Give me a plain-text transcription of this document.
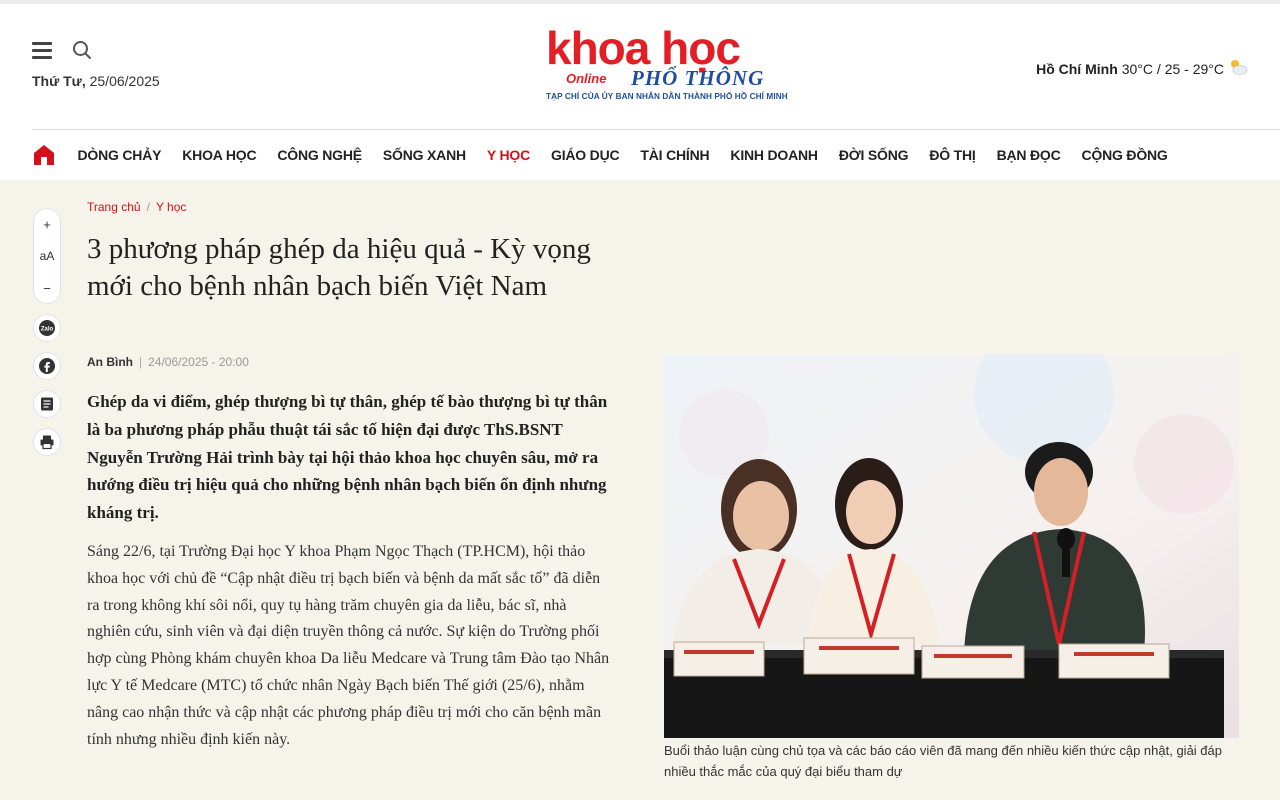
Thứ Tư, 25/06/2025
khoa học
Online PHỔ THÔNG
TẠP CHÍ CỦA ỦY BAN NHÂN DÂN THÀNH PHỐ HỒ CHÍ MINH
Hồ Chí Minh 30°C / 25 - 29°C
DÒNG CHẢY	KHOA HỌC	CÔNG NGHỆ	SỐNG XANH	Y HỌC	GIÁO DỤC	TÀI CHÍNH	KINH DOANH	ĐỜI SỐNG	ĐÔ THỊ	BẠN ĐỌC	CỘNG ĐỒNG
+
aA
−
Zalo
Trang chủ / Y học
3 phương pháp ghép da hiệu quả - Kỳ vọng mới cho bệnh nhân bạch biến Việt Nam
An Bình | 24/06/2025 - 20:00

Ghép da vi điểm, ghép thượng bì tự thân, ghép tế bào thượng bì tự thân là ba phương pháp phẫu thuật tái sắc tố hiện đại được ThS.BSNT Nguyễn Trường Hải trình bày tại hội thảo khoa học chuyên sâu, mở ra hướng điều trị hiệu quả cho những bệnh nhân bạch biến ổn định nhưng kháng trị.

Sáng 22/6, tại Trường Đại học Y khoa Phạm Ngọc Thạch (TP.HCM), hội thảo khoa học với chủ đề “Cập nhật điều trị bạch biến và bệnh da mất sắc tố” đã diễn ra trong không khí sôi nổi, quy tụ hàng trăm chuyên gia da liễu, bác sĩ, nhà nghiên cứu, sinh viên và đại diện truyền thông cả nước. Sự kiện do Trường phối hợp cùng Phòng khám chuyên khoa Da liễu Medcare và Trung tâm Đào tạo Nhân lực Y tế Medcare (MTC) tổ chức nhân Ngày Bạch biến Thế giới (25/6), nhằm nâng cao nhận thức và cập nhật các phương pháp điều trị mới cho căn bệnh mãn tính nhưng nhiều định kiến này.

Buổi thảo luận cùng chủ tọa và các báo cáo viên đã mang đến nhiều kiến thức cập nhật, giải đáp nhiều thắc mắc của quý đại biểu tham dự
